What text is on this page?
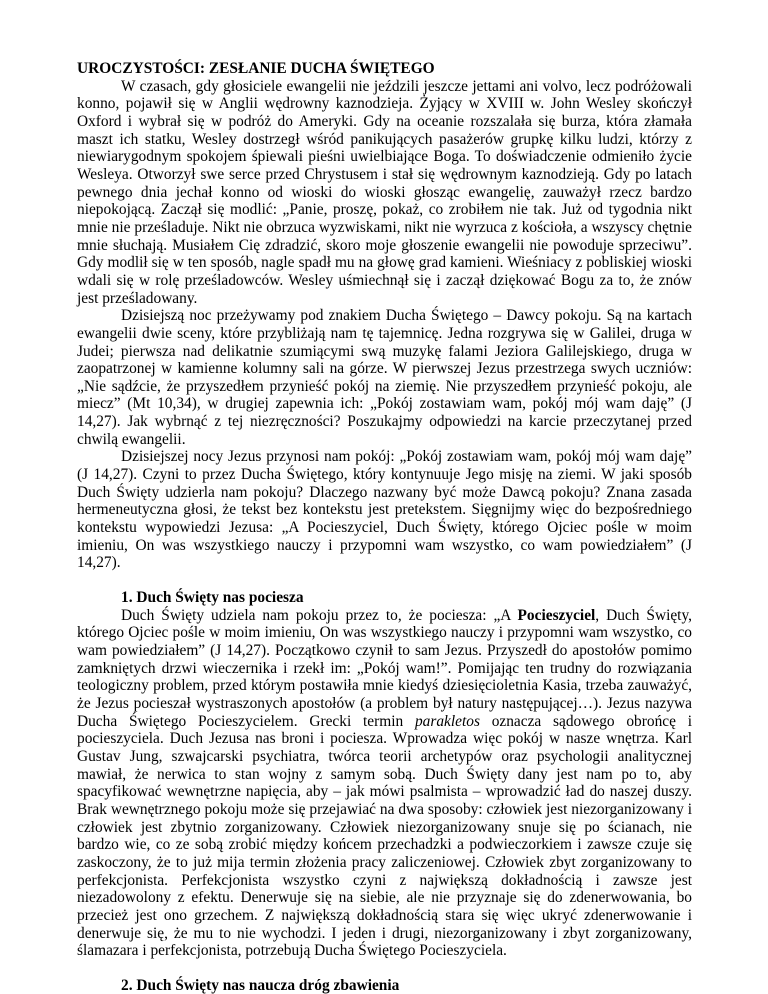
UROCZYSTOŚCI: ZESŁANIE DUCHA ŚWIĘTEGO

W czasach, gdy głosiciele ewangelii nie jeździli jeszcze jettami ani volvo, lecz podróżowali konno, pojawił się w Anglii wędrowny kaznodzieja. Żyjący w XVIII w. John Wesley skończył Oxford i wybrał się w podróż do Ameryki. Gdy na oceanie rozszalała się burza, która złamała maszt ich statku, Wesley dostrzegł wśród panikujących pasażerów grupkę kilku ludzi, którzy z niewiarygodnym spokojem śpiewali pieśni uwielbiające Boga. To doświadczenie odmieniło życie Wesleya. Otworzył swe serce przed Chrystusem i stał się wędrownym kaznodzieją. Gdy po latach pewnego dnia jechał konno od wioski do wioski głosząc ewangelię, zauważył rzecz bardzo niepokojącą. Zaczął się modlić: „Panie, proszę, pokaż, co zrobiłem nie tak. Już od tygodnia nikt mnie nie prześladuje. Nikt nie obrzuca wyzwiskami, nikt nie wyrzuca z kościoła, a wszyscy chętnie mnie słuchają. Musiałem Cię zdradzić, skoro moje głoszenie ewangelii nie powoduje sprzeciwu”. Gdy modlił się w ten sposób, nagle spadł mu na głowę grad kamieni. Wieśniacy z pobliskiej wioski wdali się w rolę prześladowców. Wesley uśmiechnął się i zaczął dziękować Bogu za to, że znów jest prześladowany.

Dzisiejszą noc przeżywamy pod znakiem Ducha Świętego – Dawcy pokoju. Są na kartach ewangelii dwie sceny, które przybliżają nam tę tajemnicę. Jedna rozgrywa się w Galilei, druga w Judei; pierwsza nad delikatnie szumiącymi swą muzykę falami Jeziora Galilejskiego, druga w zaopatrzonej w kamienne kolumny sali na górze. W pierwszej Jezus przestrzega swych uczniów: „Nie sądźcie, że przyszedłem przynieść pokój na ziemię. Nie przyszedłem przynieść pokoju, ale miecz” (Mt 10,34), w drugiej zapewnia ich: „Pokój zostawiam wam, pokój mój wam daję” (J 14,27). Jak wybrnąć z tej niezręczności? Poszukajmy odpowiedzi na karcie przeczytanej przed chwilą ewangelii.

Dzisiejszej nocy Jezus przynosi nam pokój: „Pokój zostawiam wam, pokój mój wam daję” (J 14,27). Czyni to przez Ducha Świętego, który kontynuuje Jego misję na ziemi. W jaki sposób Duch Święty udzierla nam pokoju? Dlaczego nazwany być może Dawcą pokoju? Znana zasada hermeneutyczna głosi, że tekst bez kontekstu jest pretekstem. Sięgnijmy więc do bezpośredniego kontekstu wypowiedzi Jezusa: „A Pocieszyciel, Duch Święty, którego Ojciec pośle w moim imieniu, On was wszystkiego nauczy i przypomni wam wszystko, co wam powiedziałem” (J 14,27).

1. Duch Święty nas pociesza

Duch Święty udziela nam pokoju przez to, że pociesza: „A Pocieszyciel, Duch Święty, którego Ojciec pośle w moim imieniu, On was wszystkiego nauczy i przypomni wam wszystko, co wam powiedziałem” (J 14,27). Początkowo czynił to sam Jezus. Przyszedł do apostołów pomimo zamkniętych drzwi wieczernika i rzekł im: „Pokój wam!”. Pomijając ten trudny do rozwiązania teologiczny problem, przed którym postawiła mnie kiedyś dziesięcioletnia Kasia, trzeba zauważyć, że Jezus pocieszał wystraszonych apostołów (a problem był natury następującej…). Jezus nazywa Ducha Świętego Pocieszycielem. Grecki termin parakletos oznacza sądowego obrońcę i pocieszyciela. Duch Jezusa nas broni i pociesza. Wprowadza więc pokój w nasze wnętrza. Karl Gustav Jung, szwajcarski psychiatra, twórca teorii archetypów oraz psychologii analitycznej mawiał, że nerwica to stan wojny z samym sobą. Duch Święty dany jest nam po to, aby spacyfikować wewnętrzne napięcia, aby – jak mówi psalmista – wprowadzić ład do naszej duszy. Brak wewnętrznego pokoju może się przejawiać na dwa sposoby: człowiek jest niezorganizowany i człowiek jest zbytnio zorganizowany. Człowiek niezorganizowany snuje się po ścianach, nie bardzo wie, co ze sobą zrobić między końcem przechadzki a podwieczorkiem i zawsze czuje się zaskoczony, że to już mija termin złożenia pracy zaliczeniowej. Człowiek zbyt zorganizowany to perfekcjonista. Perfekcjonista wszystko czyni z największą dokładnością i zawsze jest niezadowolony z efektu. Denerwuje się na siebie, ale nie przyznaje się do zdenerwowania, bo przecież jest ono grzechem. Z największą dokładnością stara się więc ukryć zdenerwowanie i denerwuje się, że mu to nie wychodzi. I jeden i drugi, niezorganizowany i zbyt zorganizowany, ślamazara i perfekcjonista, potrzebują Ducha Świętego Pocieszyciela.

2. Duch Święty nas naucza dróg zbawienia
